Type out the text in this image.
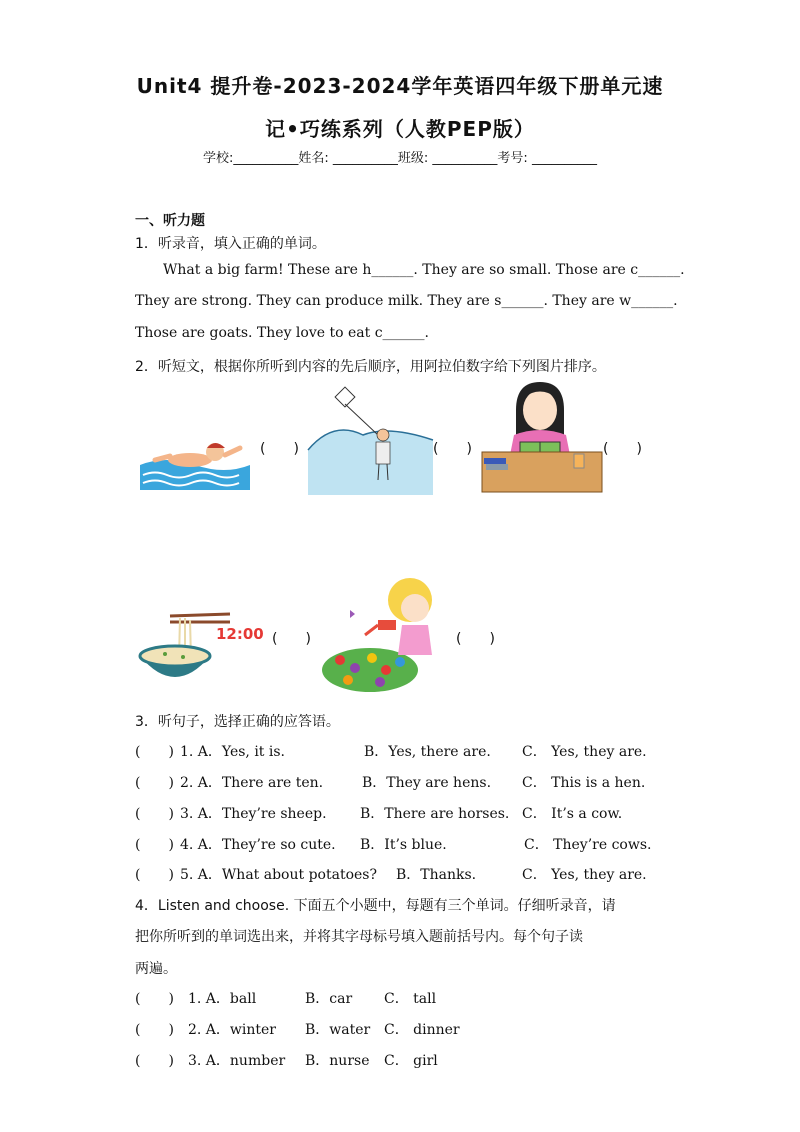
Unit4 提升卷-2023-2024学年英语四年级下册单元速
记•巧练系列（人教PEP版）
学校:__________姓名: __________班级: __________考号: __________
一、听力题
1．听录音，填入正确的单词。
What a big farm! These are h______. They are so small. Those are c______.
They are strong. They can produce milk. They are s______. They are w______.
Those are goats. They love to eat c______.
2．听短文，根据你所听到内容的先后顺序，用阿拉伯数字给下列图片排序。
(　　)	(　　)	(　　)
12:00 (　　)	(　　)
3．听句子，选择正确的应答语。
(　　) 1. A．Yes, it is.	B．Yes, there are. C． Yes, they are.
(　　) 2. A．There are ten.	B．They are hens. C． This is a hen.
(　　) 3. A．They’re sheep. B．There are horses. C． It’s a cow.
(　　) 4. A．They’re so cute. B．It’s blue.	C． They’re cows.
(　　) 5. A．What about potatoes? B．Thanks.	C． Yes, they are.
4．Listen and choose. 下面五个小题中，每题有三个单词。仔细听录音，请
把你所听到的单词选出来，并将其字母标号填入题前括号内。每个句子读
两遍。
(　　) 1. A．ball	B．car C． tall
(　　) 2. A．winter B．water C． dinner
(　　) 3. A．number B．nurse C． girl
